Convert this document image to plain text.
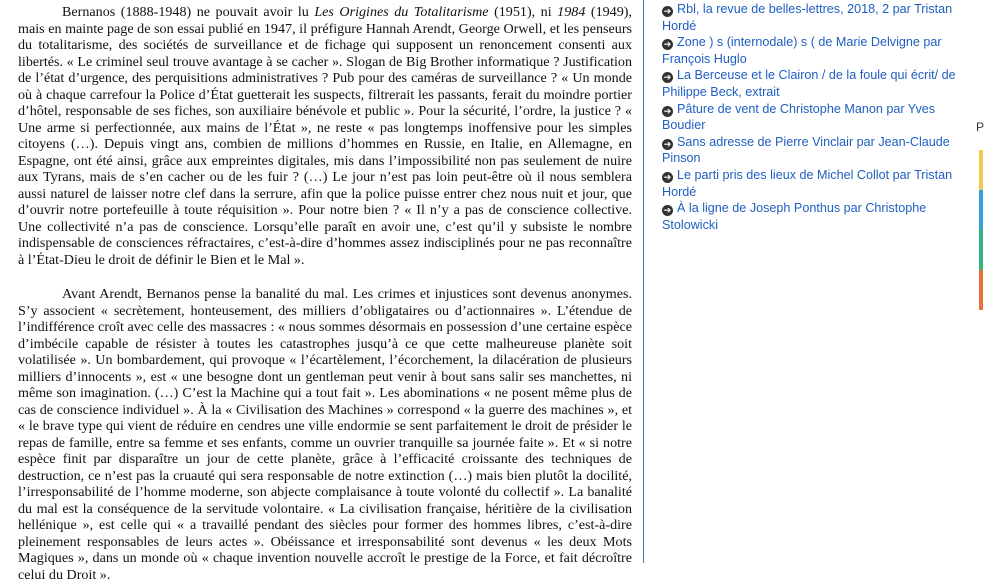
Bernanos (1888-1948) ne pouvait avoir lu Les Origines du Totalitarisme (1951), ni 1984 (1949), mais en mainte page de son essai publié en 1947, il préfigure Hannah Arendt, George Orwell, et les penseurs du totalitarisme, des sociétés de surveillance et de fichage qui supposent un renoncement consenti aux libertés. « Le criminel seul trouve avantage à se cacher ». Slogan de Big Brother informatique ? Justification de l’état d’urgence, des perquisitions administratives ? Pub pour des caméras de surveillance ? « Un monde où à chaque carrefour la Police d’État guetterait les suspects, filtrerait les passants, ferait du moindre portier d’hôtel, responsable de ses fiches, son auxiliaire bénévole et public ». Pour la sécurité, l’ordre, la justice ? « Une arme si perfectionnée, aux mains de l’État », ne reste « pas longtemps inoffensive pour les simples citoyens (…). Depuis vingt ans, combien de millions d’hommes en Russie, en Italie, en Allemagne, en Espagne, ont été ainsi, grâce aux empreintes digitales, mis dans l’impossibilité non pas seulement de nuire aux Tyrans, mais de s’en cacher ou de les fuir ? (…) Le jour n’est pas loin peut-être où il nous semblera aussi naturel de laisser notre clef dans la serrure, afin que la police puisse entrer chez nous nuit et jour, que d’ouvrir notre portefeuille à toute réquisition ». Pour notre bien ? « Il n’y a pas de conscience collective. Une collectivité n’a pas de conscience. Lorsqu’elle paraît en avoir une, c’est qu’il y subsiste le nombre indispensable de consciences réfractaires, c’est-à-dire d’hommes assez indisciplinés pour ne pas reconnaître à l’État-Dieu le droit de définir le Bien et le Mal ».

Avant Arendt, Bernanos pense la banalité du mal. Les crimes et injustices sont devenus anonymes. S’y associent « secrètement, honteusement, des milliers d’obligataires ou d’actionnaires ». L’étendue de l’indifférence croît avec celle des massacres : « nous sommes désormais en possession d’une certaine espèce d’imbécile capable de résister à toutes les catastrophes jusqu’à ce que cette malheureuse planète soit volatilisée ». Un bombardement, qui provoque « l’écartèlement, l’écorchement, la dilacération de plusieurs milliers d’innocents », est « une besogne dont un gentleman peut venir à bout sans salir ses manchettes, ni même son imagination. (…) C’est la Machine qui a tout fait ». Les abominations « ne posent même plus de cas de conscience individuel ». À la « Civilisation des Machines » correspond « la guerre des machines », et « le brave type qui vient de réduire en cendres une ville endormie se sent parfaitement le droit de présider le repas de famille, entre sa femme et ses enfants, comme un ouvrier tranquille sa journée faite ». Et « si notre espèce finit par disparaître un jour de cette planète, grâce à l’efficacité croissante des techniques de destruction, ce n’est pas la cruauté qui sera responsable de notre extinction (…) mais bien plutôt la docilité, l’irresponsabilité de l’homme moderne, son abjecte complaisance à toute volonté du collectif ». La banalité du mal est la conséquence de la servitude volontaire. « La civilisation française, héritière de la civilisation hellénique », est celle qui « a travaillé pendant des siècles pour former des hommes libres, c’est-à-dire pleinement responsables de leurs actes ». Obéissance et irresponsabilité sont devenus « les deux Mots Magiques », dans un monde où « chaque invention nouvelle accroît le prestige de la Force, et fait décroître celui du Droit ».

➔ Rbl, la revue de belles-lettres, 2018, 2 par Tristan Hordé
➔ Zone ) s (internodale) s ( de Marie Delvigne par François Huglo
➔ La Berceuse et le Clairon / de la foule qui écrit/ de Philippe Beck, extrait
➔ Pâture de vent de Christophe Manon par Yves Boudier
➔ Sans adresse de Pierre Vinclair par Jean-Claude Pinson
➔ Le parti pris des lieux de Michel Collot par Tristan Hordé
➔ À la ligne de Joseph Ponthus par Christophe Stolowicki
P
